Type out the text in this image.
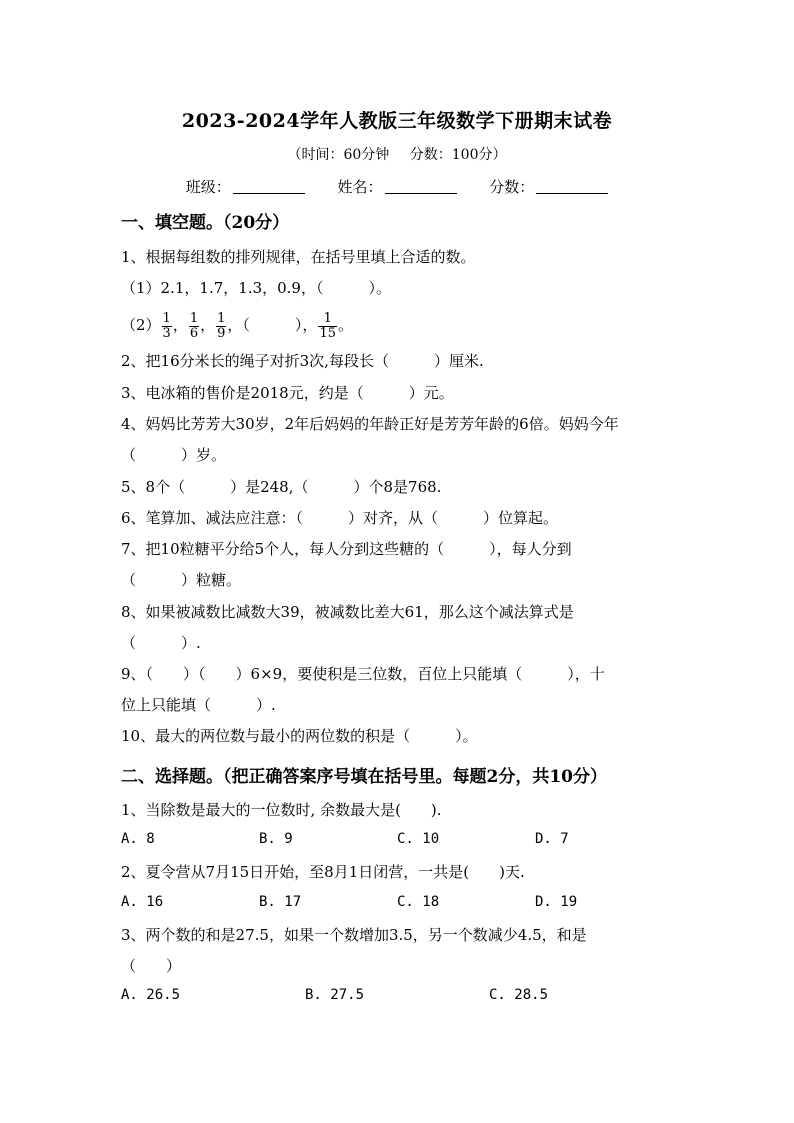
2023-2024学年人教版三年级数学下册期末试卷
（时间：60分钟 分数：100分）
班级：	姓名：	分数：
一、填空题。（20分）
1、根据每组数的排列规律，在括号里填上合适的数。
（1）2.1，1.7，1.3，0.9，（　　　）。
$(2) \frac{1}{3}$ ， $\frac{1}{6}$ ， $\frac{1}{9}$ ，（　　　）， $\frac{1}{15}$ 。
2、把16分米长的绳子对折3次,每段长（　　　）厘米.
3、电冰箱的售价是2018元，约是（　　　）元。
4、妈妈比芳芳大30岁，2年后妈妈的年龄正好是芳芳年龄的6倍。妈妈今年
（　　　）岁。
5、8个（　　　）是248,（　　　）个8是768.
6、笔算加、减法应注意：（　　　）对齐，从（　　　）位算起。
7、把10粒糖平分给5个人，每人分到这些糖的（　　　），每人分到
（　　　）粒糖。
8、如果被减数比减数大39，被减数比差大61，那么这个减法算式是
（　　　）.
9、（　　）（　　）6×9，要使积是三位数，百位上只能填（　　　），十
位上只能填（　　　）.
10、最大的两位数与最小的两位数的积是（　　　）。
二、选择题。（把正确答案序号填在括号里。每题2分，共10分）
1、当除数是最大的一位数时, 余数最大是(　　).
A. 8	B. 9	C. 10	D. 7
2、夏令营从7月15日开始，至8月1日闭营，一共是(　　)天.
A. 16	B. 17	C. 18	D. 19
3、两个数的和是27.5，如果一个数增加3.5，另一个数减少4.5，和是
（　　）
A. 26.5	B. 27.5	C. 28.5
